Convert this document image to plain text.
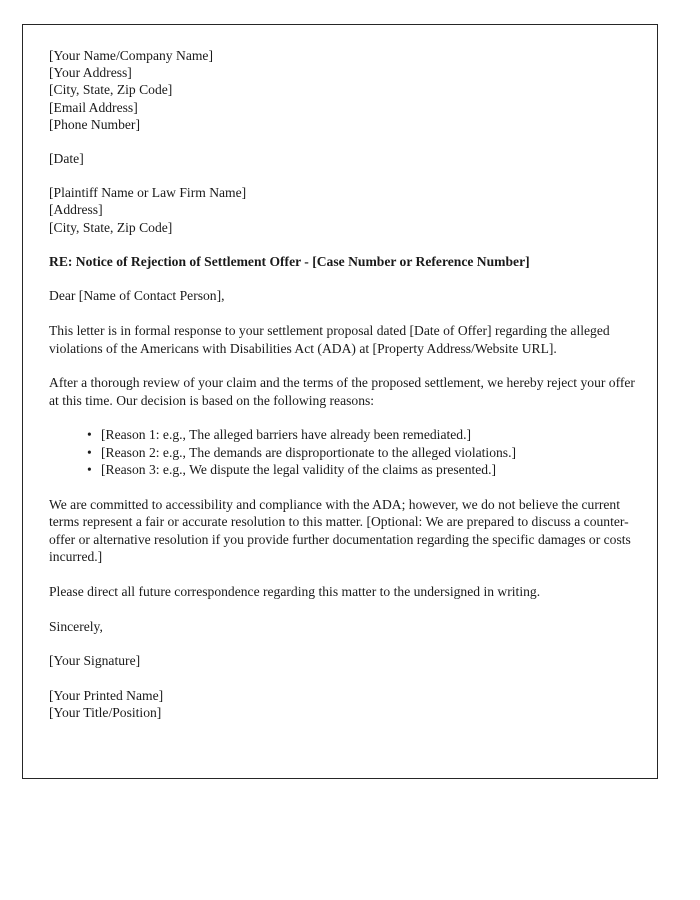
[Your Name/Company Name]
[Your Address]
[City, State, Zip Code]
[Email Address]
[Phone Number]
[Date]
[Plaintiff Name or Law Firm Name]
[Address]
[City, State, Zip Code]

RE: Notice of Rejection of Settlement Offer - [Case Number or Reference Number]

Dear [Name of Contact Person],

This letter is in formal response to your settlement proposal dated [Date of Offer] regarding the alleged violations of the Americans with Disabilities Act (ADA) at [Property Address/Website URL].

After a thorough review of your claim and the terms of the proposed settlement, we hereby reject your offer at this time. Our decision is based on the following reasons:

• [Reason 1: e.g., The alleged barriers have already been remediated.]
• [Reason 2: e.g., The demands are disproportionate to the alleged violations.]
• [Reason 3: e.g., We dispute the legal validity of the claims as presented.]

We are committed to accessibility and compliance with the ADA; however, we do not believe the current terms represent a fair or accurate resolution to this matter. [Optional: We are prepared to discuss a counter-offer or alternative resolution if you provide further documentation regarding the specific damages or costs incurred.]

Please direct all future correspondence regarding this matter to the undersigned in writing.

Sincerely,

[Your Signature]

[Your Printed Name]
[Your Title/Position]
